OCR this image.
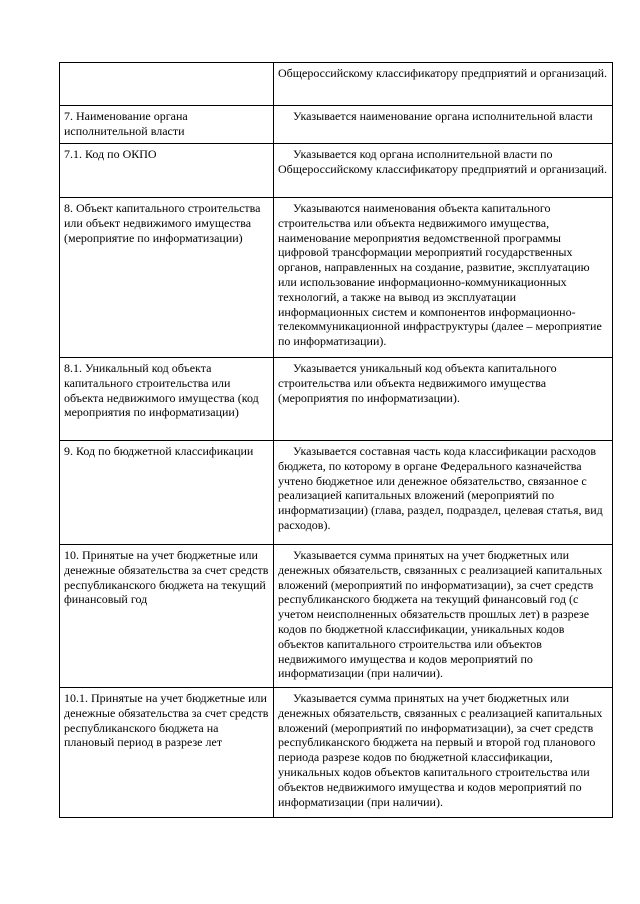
	Общероссийскому классификатору предприятий и организаций.
7. Наименование органа исполнительной власти	Указывается наименование органа исполнительной власти
7.1. Код по ОКПО	Указывается код органа исполнительной власти по Общероссийскому классификатору предприятий и организаций.
8. Объект капитального строительства или объект недвижимого имущества (мероприятие по информатизации)	Указываются наименования объекта капитального строительства или объекта недвижимого имущества, наименование мероприятия ведомственной программы цифровой трансформации мероприятий государственных органов, направленных на создание, развитие, эксплуатацию или использование информационно-коммуникационных технологий, а также на вывод из эксплуатации информационных систем и компонентов информационно-телекоммуникационной инфраструктуры (далее – мероприятие по информатизации).
8.1. Уникальный код объекта капитального строительства или объекта недвижимого имущества (код мероприятия по информатизации)	Указывается уникальный код объекта капитального строительства или объекта недвижимого имущества (мероприятия по информатизации).
9. Код по бюджетной классификации	Указывается составная часть кода классификации расходов бюджета, по которому в органе Федерального казначейства учтено бюджетное или денежное обязательство, связанное с реализацией капитальных вложений (мероприятий по информатизации) (глава, раздел, подраздел, целевая статья, вид расходов).
10. Принятые на учет бюджетные или денежные обязательства за счет средств республиканского бюджета на текущий финансовый год	Указывается сумма принятых на учет бюджетных или денежных обязательств, связанных с реализацией капитальных вложений (мероприятий по информатизации), за счет средств республиканского бюджета на текущий финансовый год (с учетом неисполненных обязательств прошлых лет) в разрезе кодов по бюджетной классификации, уникальных кодов объектов капитального строительства или объектов недвижимого имущества и кодов мероприятий по информатизации (при наличии).
10.1. Принятые на учет бюджетные или денежные обязательства за счет средств республиканского бюджета на плановый период в разрезе лет	Указывается сумма принятых на учет бюджетных или денежных обязательств, связанных с реализацией капитальных вложений (мероприятий по информатизации), за счет средств республиканского бюджета на первый и второй год планового периода разрезе кодов по бюджетной классификации, уникальных кодов объектов капитального строительства или объектов недвижимого имущества и кодов мероприятий по информатизации (при наличии).
